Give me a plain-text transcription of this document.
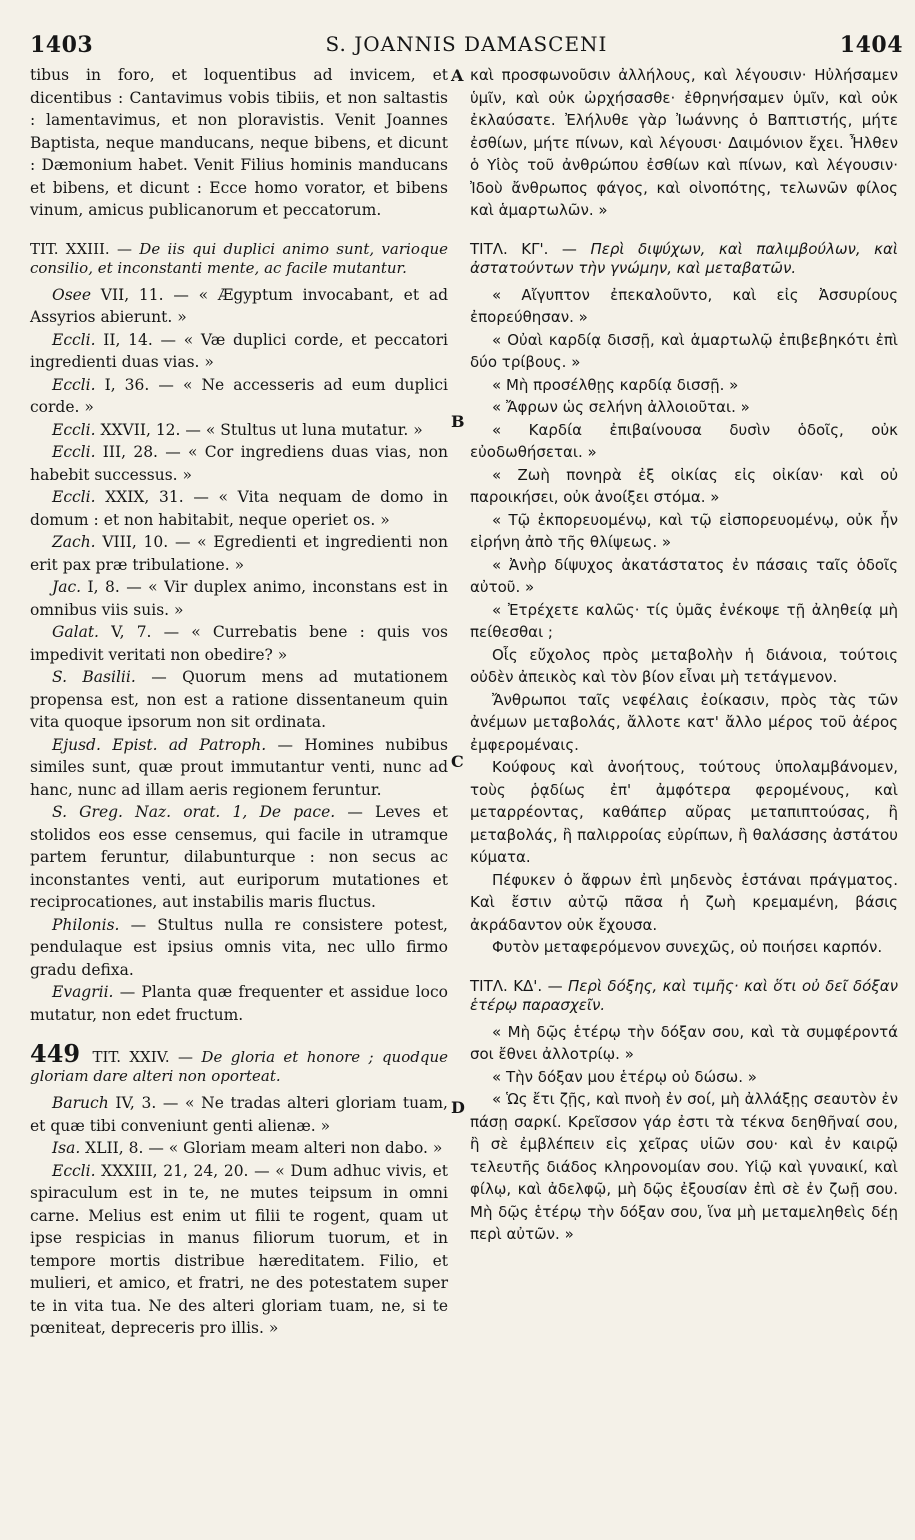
S. JOANNIS DAMASCENI
1403	1404
A
B
C
D

tibus in foro, et loquentibus ad invicem, et dicentibus : Cantavimus vobis tibiis, et non saltastis : lamentavimus, et non ploravistis. Venit Joannes Baptista, neque manducans, neque bibens, et dicunt : Dæmonium habet. Venit Filius hominis manducans et bibens, et dicunt : Ecce homo vorator, et bibens vinum, amicus publicanorum et peccatorum.

TIT. XXIII. — De iis qui duplici animo sunt, varioque consilio, et inconstanti mente, ac facile mutantur.

Osee VII, 11. — « Ægyptum invocabant, et ad Assyrios abierunt. »

Eccli. II, 14. — « Væ duplici corde, et peccatori ingredienti duas vias. »

Eccli. I, 36. — « Ne accesseris ad eum duplici corde. »

Eccli. XXVII, 12. — « Stultus ut luna mutatur. »

Eccli. III, 28. — « Cor ingrediens duas vias, non habebit successus. »

Eccli. XXIX, 31. — « Vita nequam de domo in domum : et non habitabit, neque operiet os. »

Zach. VIII, 10. — « Egredienti et ingredienti non erit pax præ tribulatione. »

Jac. I, 8. — « Vir duplex animo, inconstans est in omnibus viis suis. »

Galat. V, 7. — « Currebatis bene : quis vos impedivit veritati non obedire? »

S. Basilii. — Quorum mens ad mutationem propensa est, non est a ratione dissentaneum quin vita quoque ipsorum non sit ordinata.

Ejusd. Epist. ad Patroph. — Homines nubibus similes sunt, quæ prout immutantur venti, nunc ad hanc, nunc ad illam aeris regionem feruntur.

S. Greg. Naz. orat. 1, De pace. — Leves et stolidos eos esse censemus, qui facile in utramque partem feruntur, dilabunturque : non secus ac inconstantes venti, aut euriporum mutationes et reciprocationes, aut instabilis maris fluctus.

Philonis. — Stultus nulla re consistere potest, pendulaque est ipsius omnis vita, nec ullo firmo gradu defixa.

Evagrii. — Planta quæ frequenter et assidue loco mutatur, non edet fructum.

449 TIT. XXIV. — De gloria et honore ; quodque gloriam dare alteri non oporteat.

Baruch IV, 3. — « Ne tradas alteri gloriam tuam, et quæ tibi conveniunt genti alienæ. »

Isa. XLII, 8. — « Gloriam meam alteri non dabo. »

Eccli. XXXIII, 21, 24, 20. — « Dum adhuc vivis, et spiraculum est in te, ne mutes teipsum in omni carne. Melius est enim ut filii te rogent, quam ut ipse respicias in manus filiorum tuorum, et in tempore mortis distribue hæreditatem. Filio, et mulieri, et amico, et fratri, ne des potestatem super te in vita tua. Ne des alteri gloriam tuam, ne, si te pœniteat, depreceris pro illis. »

καὶ προσφωνοῦσιν ἀλλήλους, καὶ λέγουσιν· Ηὐλήσαμεν ὑμῖν, καὶ οὐκ ὠρχήσασθε· ἐθρηνήσαμεν ὑμῖν, καὶ οὐκ ἐκλαύσατε. Ἐλήλυθε γὰρ Ἰωάννης ὁ Βαπτιστής, μήτε ἐσθίων, μήτε πίνων, καὶ λέγουσι· Δαιμόνιον ἔχει. Ἦλθεν ὁ Υἱὸς τοῦ ἀνθρώπου ἐσθίων καὶ πίνων, καὶ λέγουσιν· Ἰδοὺ ἄνθρωπος φάγος, καὶ οἰνοπότης, τελωνῶν φίλος καὶ ἁμαρτωλῶν. »

ΤΙΤΛ. ΚΓ'. — Περὶ διψύχων, καὶ παλιμβούλων, καὶ ἀστατούντων τὴν γνώμην, καὶ μεταβατῶν.

« Αἴγυπτον ἐπεκαλοῦντο, καὶ εἰς Ἀσσυρίους ἐπορεύθησαν. »

« Οὐαὶ καρδίᾳ δισσῇ, καὶ ἁμαρτωλῷ ἐπιβεβηκότι ἐπὶ δύο τρίβους. »

« Μὴ προσέλθῃς καρδίᾳ δισσῇ. »

« Ἄφρων ὡς σελήνη ἀλλοιοῦται. »

« Καρδία ἐπιβαίνουσα δυσὶν ὁδοῖς, οὐκ εὐοδωθήσεται. »

« Ζωὴ πονηρὰ ἐξ οἰκίας εἰς οἰκίαν· καὶ οὐ παροικήσει, οὐκ ἀνοίξει στόμα. »

« Τῷ ἐκπορευομένῳ, καὶ τῷ εἰσπορευομένῳ, οὐκ ἦν εἰρήνη ἀπὸ τῆς θλίψεως. »

« Ἀνὴρ δίψυχος ἀκατάστατος ἐν πάσαις ταῖς ὁδοῖς αὐτοῦ. »

« Ἐτρέχετε καλῶς· τίς ὑμᾶς ἐνέκοψε τῇ ἀληθείᾳ μὴ πείθεσθαι ;

Οἷς εὔχολος πρὸς μεταβολὴν ἡ διάνοια, τούτοις οὐδὲν ἀπεικὸς καὶ τὸν βίον εἶναι μὴ τετάγμενον.

Ἄνθρωποι ταῖς νεφέλαις ἐοίκασιν, πρὸς τὰς τῶν ἀνέμων μεταβολάς, ἄλλοτε κατ' ἄλλο μέρος τοῦ ἀέρος ἐμφερομέναις.

Κούφους καὶ ἀνοήτους, τούτους ὑπολαμβάνομεν, τοὺς ῥᾳδίως ἐπ' ἀμφότερα φερομένους, καὶ μεταρρέοντας, καθάπερ αὔρας μεταπιπτούσας, ἢ μεταβολάς, ἢ παλιρροίας εὐρίπων, ἢ θαλάσσης ἀστάτου κύματα.

Πέφυκεν ὁ ἄφρων ἐπὶ μηδενὸς ἑστάναι πράγματος. Καὶ ἔστιν αὐτῷ πᾶσα ἡ ζωὴ κρεμαμένη, βάσις ἀκράδαντον οὐκ ἔχουσα.

Φυτὸν μεταφερόμενον συνεχῶς, οὐ ποιήσει καρπόν.

ΤΙΤΛ. ΚΔ'. — Περὶ δόξης, καὶ τιμῆς· καὶ ὅτι οὐ δεῖ δόξαν ἑτέρῳ παρασχεῖν.

« Μὴ δῷς ἑτέρῳ τὴν δόξαν σου, καὶ τὰ συμφέροντά σοι ἔθνει ἀλλοτρίῳ. »

« Τὴν δόξαν μου ἑτέρῳ οὐ δώσω. »

« Ὡς ἔτι ζῇς, καὶ πνοὴ ἐν σοί, μὴ ἀλλάξῃς σεαυτὸν ἐν πάσῃ σαρκί. Κρεῖσσον γάρ ἐστι τὰ τέκνα δεηθῆναί σου, ἢ σὲ ἐμβλέπειν εἰς χεῖρας υἱῶν σου· καὶ ἐν καιρῷ τελευτῆς διάδος κληρονομίαν σου. Υἱῷ καὶ γυναικί, καὶ φίλῳ, καὶ ἀδελφῷ, μὴ δῷς ἐξουσίαν ἐπὶ σὲ ἐν ζωῇ σου. Μὴ δῷς ἑτέρῳ τὴν δόξαν σου, ἵνα μὴ μεταμεληθεὶς δέῃ περὶ αὐτῶν. »
